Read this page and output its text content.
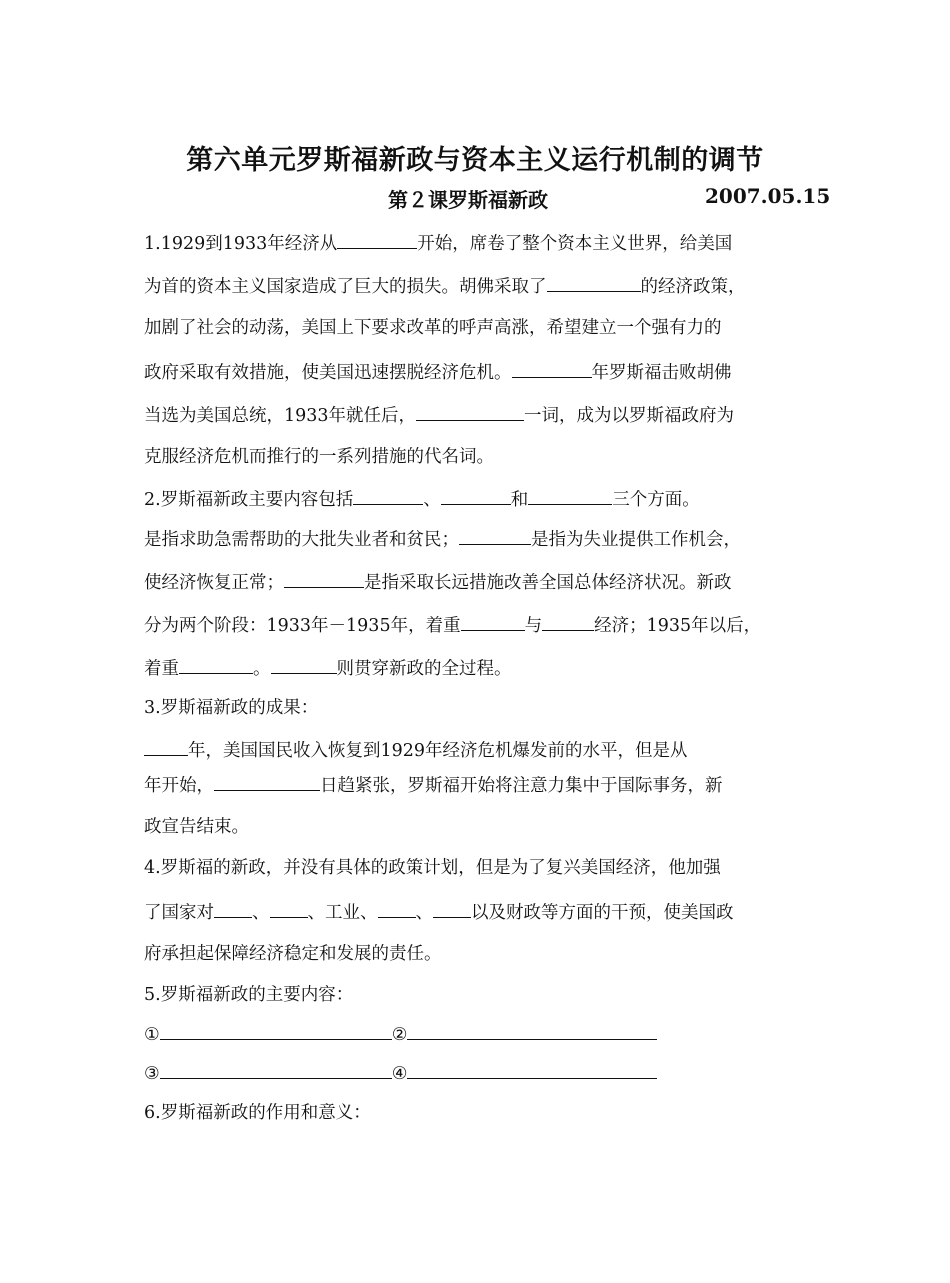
第六单元罗斯福新政与资本主义运行机制的调节
第２课罗斯福新政	2007.05.15
1.1929到1933年经济从	开始，席卷了整个资本主义世界，给美国
为首的资本主义国家造成了巨大的损失。胡佛采取了	的经济政策，
加剧了社会的动荡，美国上下要求改革的呼声高涨，希望建立一个强有力的
政府采取有效措施，使美国迅速摆脱经济危机。	年罗斯福击败胡佛
当选为美国总统，1933年就任后，	一词，成为以罗斯福政府为
克服经济危机而推行的一系列措施的代名词。
2.罗斯福新政主要内容包括	、	和	三个方面。
是指求助急需帮助的大批失业者和贫民；	是指为失业提供工作机会，
使经济恢复正常；	是指采取长远措施改善全国总体经济状况。新政
分为两个阶段：1933年－1935年，着重	与	经济；1935年以后，
着重	。	则贯穿新政的全过程。
3.罗斯福新政的成果：
年，美国国民收入恢复到1929年经济危机爆发前的水平，但是从
年开始，	日趋紧张，罗斯福开始将注意力集中于国际事务，新
政宣告结束。
4.罗斯福的新政，并没有具体的政策计划，但是为了复兴美国经济，他加强
了国家对 、 、工业、 、 以及财政等方面的干预，使美国政
府承担起保障经济稳定和发展的责任。
5.罗斯福新政的主要内容：
①	②
③	④
6.罗斯福新政的作用和意义：
